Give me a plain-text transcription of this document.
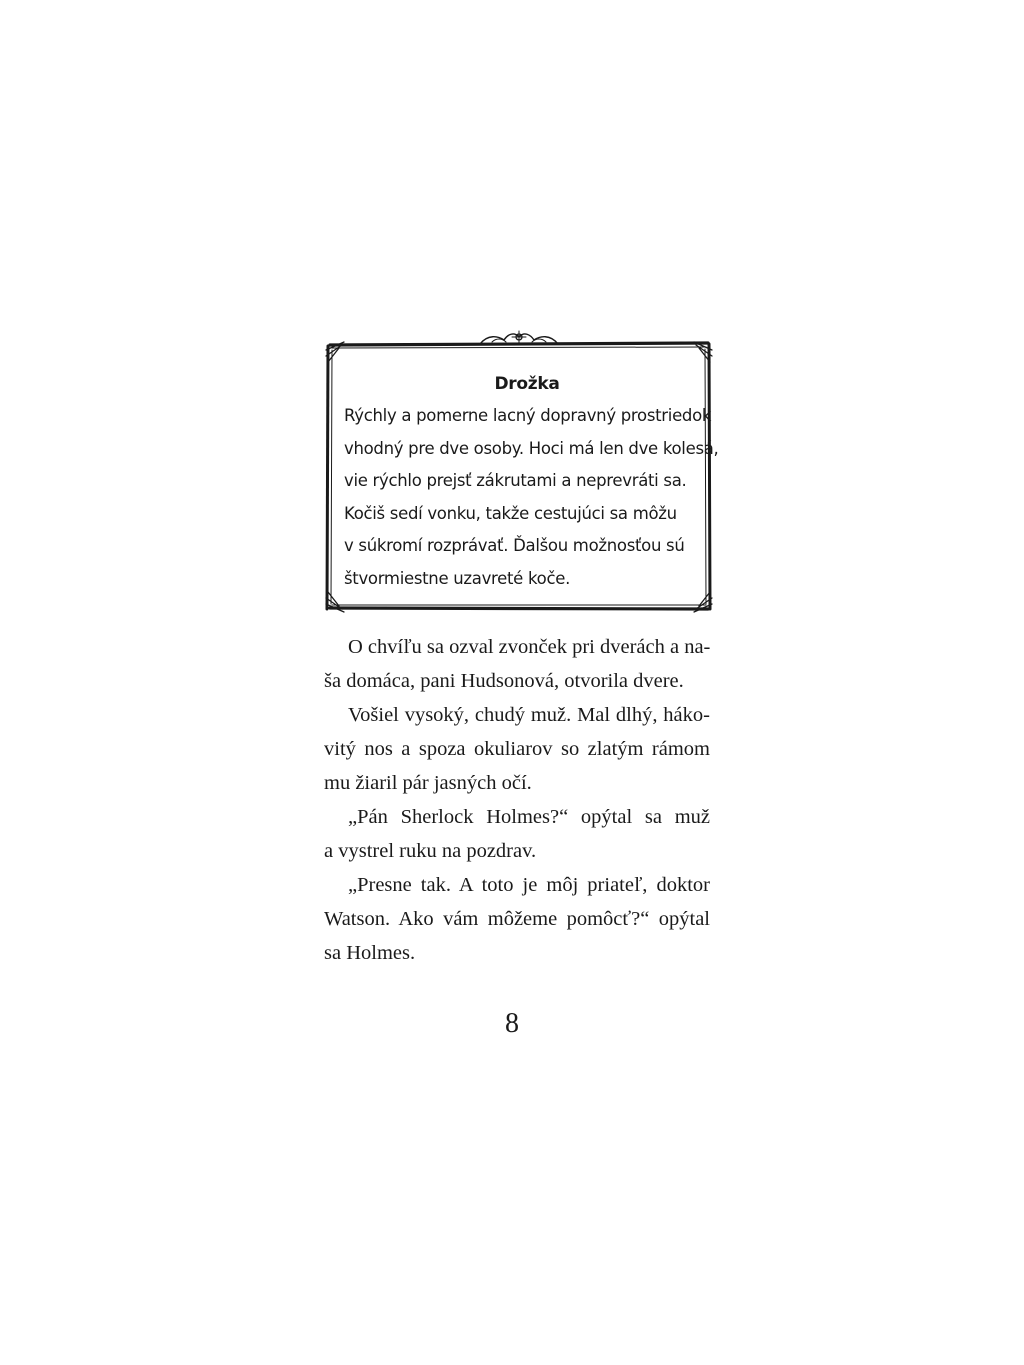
Drožka
Rýchly a pomerne lacný dopravný prostriedok
vhodný pre dve osoby. Hoci má len dve kolesá,
vie rýchlo prejsť zákrutami a neprevráti sa.
Kočiš sedí vonku, takže cestujúci sa môžu
v súkromí rozprávať. Ďalšou možnosťou sú
štvormiestne uzavreté koče.

O chvíľu sa ozval zvonček pri dverách a na-
ša domáca, pani Hudsonová, otvorila dvere.

Vošiel vysoký, chudý muž. Mal dlhý, háko-
vitý nos a spoza okuliarov so zlatým rámom
mu žiaril pár jasných očí.

„Pán Sherlock Holmes?“ opýtal sa muž
a vystrel ruku na pozdrav.

„Presne tak. A toto je môj priateľ, doktor
Watson. Ako vám môžeme pomôcť?“ opýtal
sa Holmes.

8
